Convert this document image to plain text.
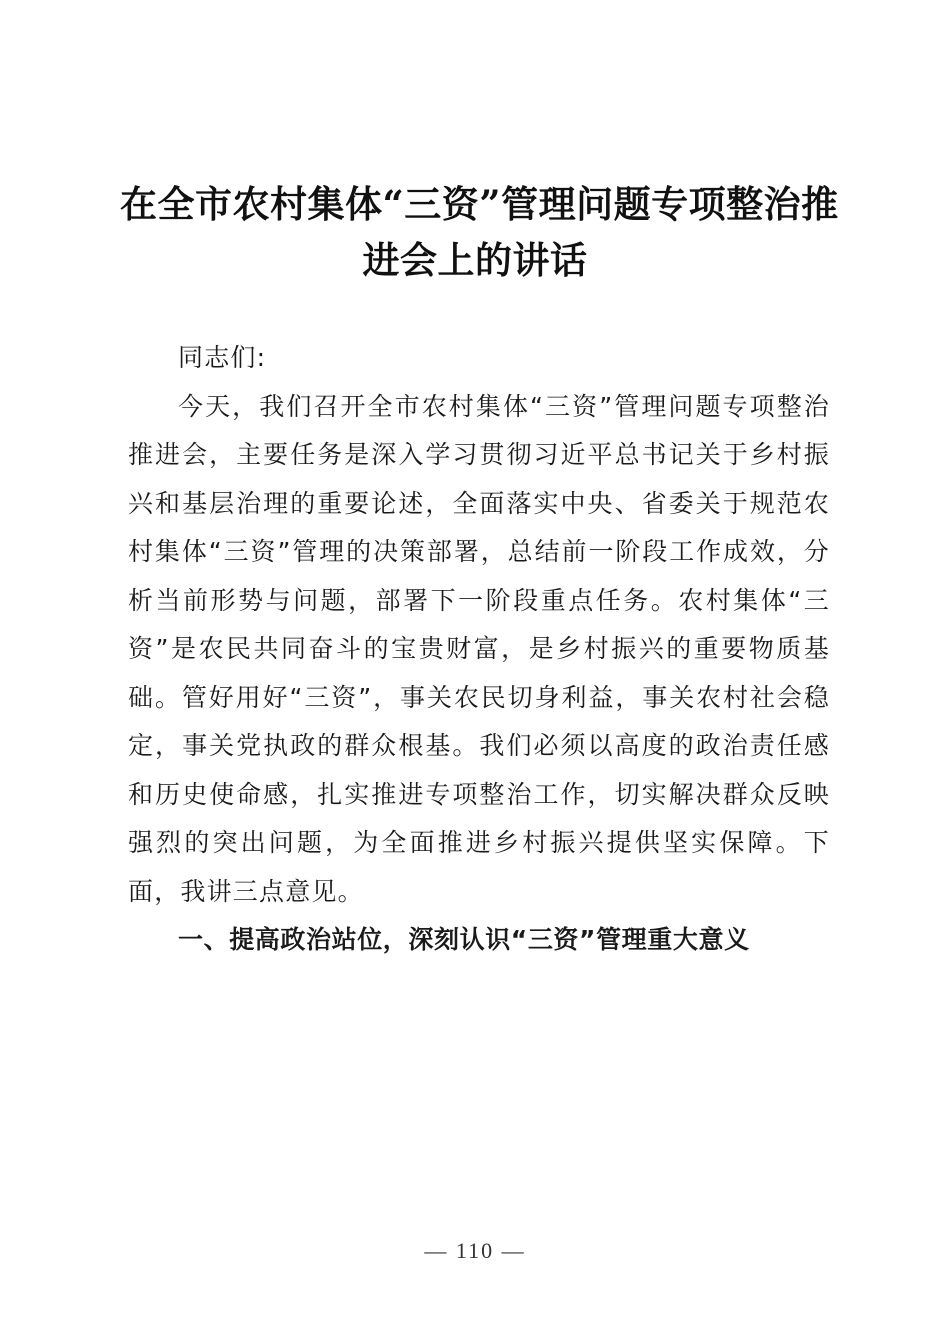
在全市农村集体“三资”管理问题专项整治推
进会上的讲话

同志们:

今天，我们召开全市农村集体“三资”管理问题专项整治推进会，主要任务是深入学习贯彻习近平总书记关于乡村振兴和基层治理的重要论述，全面落实中央、省委关于规范农村集体“三资”管理的决策部署，总结前一阶段工作成效，分析当前形势与问题，部署下一阶段重点任务。农村集体“三资”是农民共同奋斗的宝贵财富，是乡村振兴的重要物质基础。管好用好“三资”，事关农民切身利益，事关农村社会稳定，事关党执政的群众根基。我们必须以高度的政治责任感和历史使命感，扎实推进专项整治工作，切实解决群众反映强烈的突出问题，为全面推进乡村振兴提供坚实保障。下面，我讲三点意见。

一、提高政治站位，深刻认识“三资”管理重大意义

— 110 —
